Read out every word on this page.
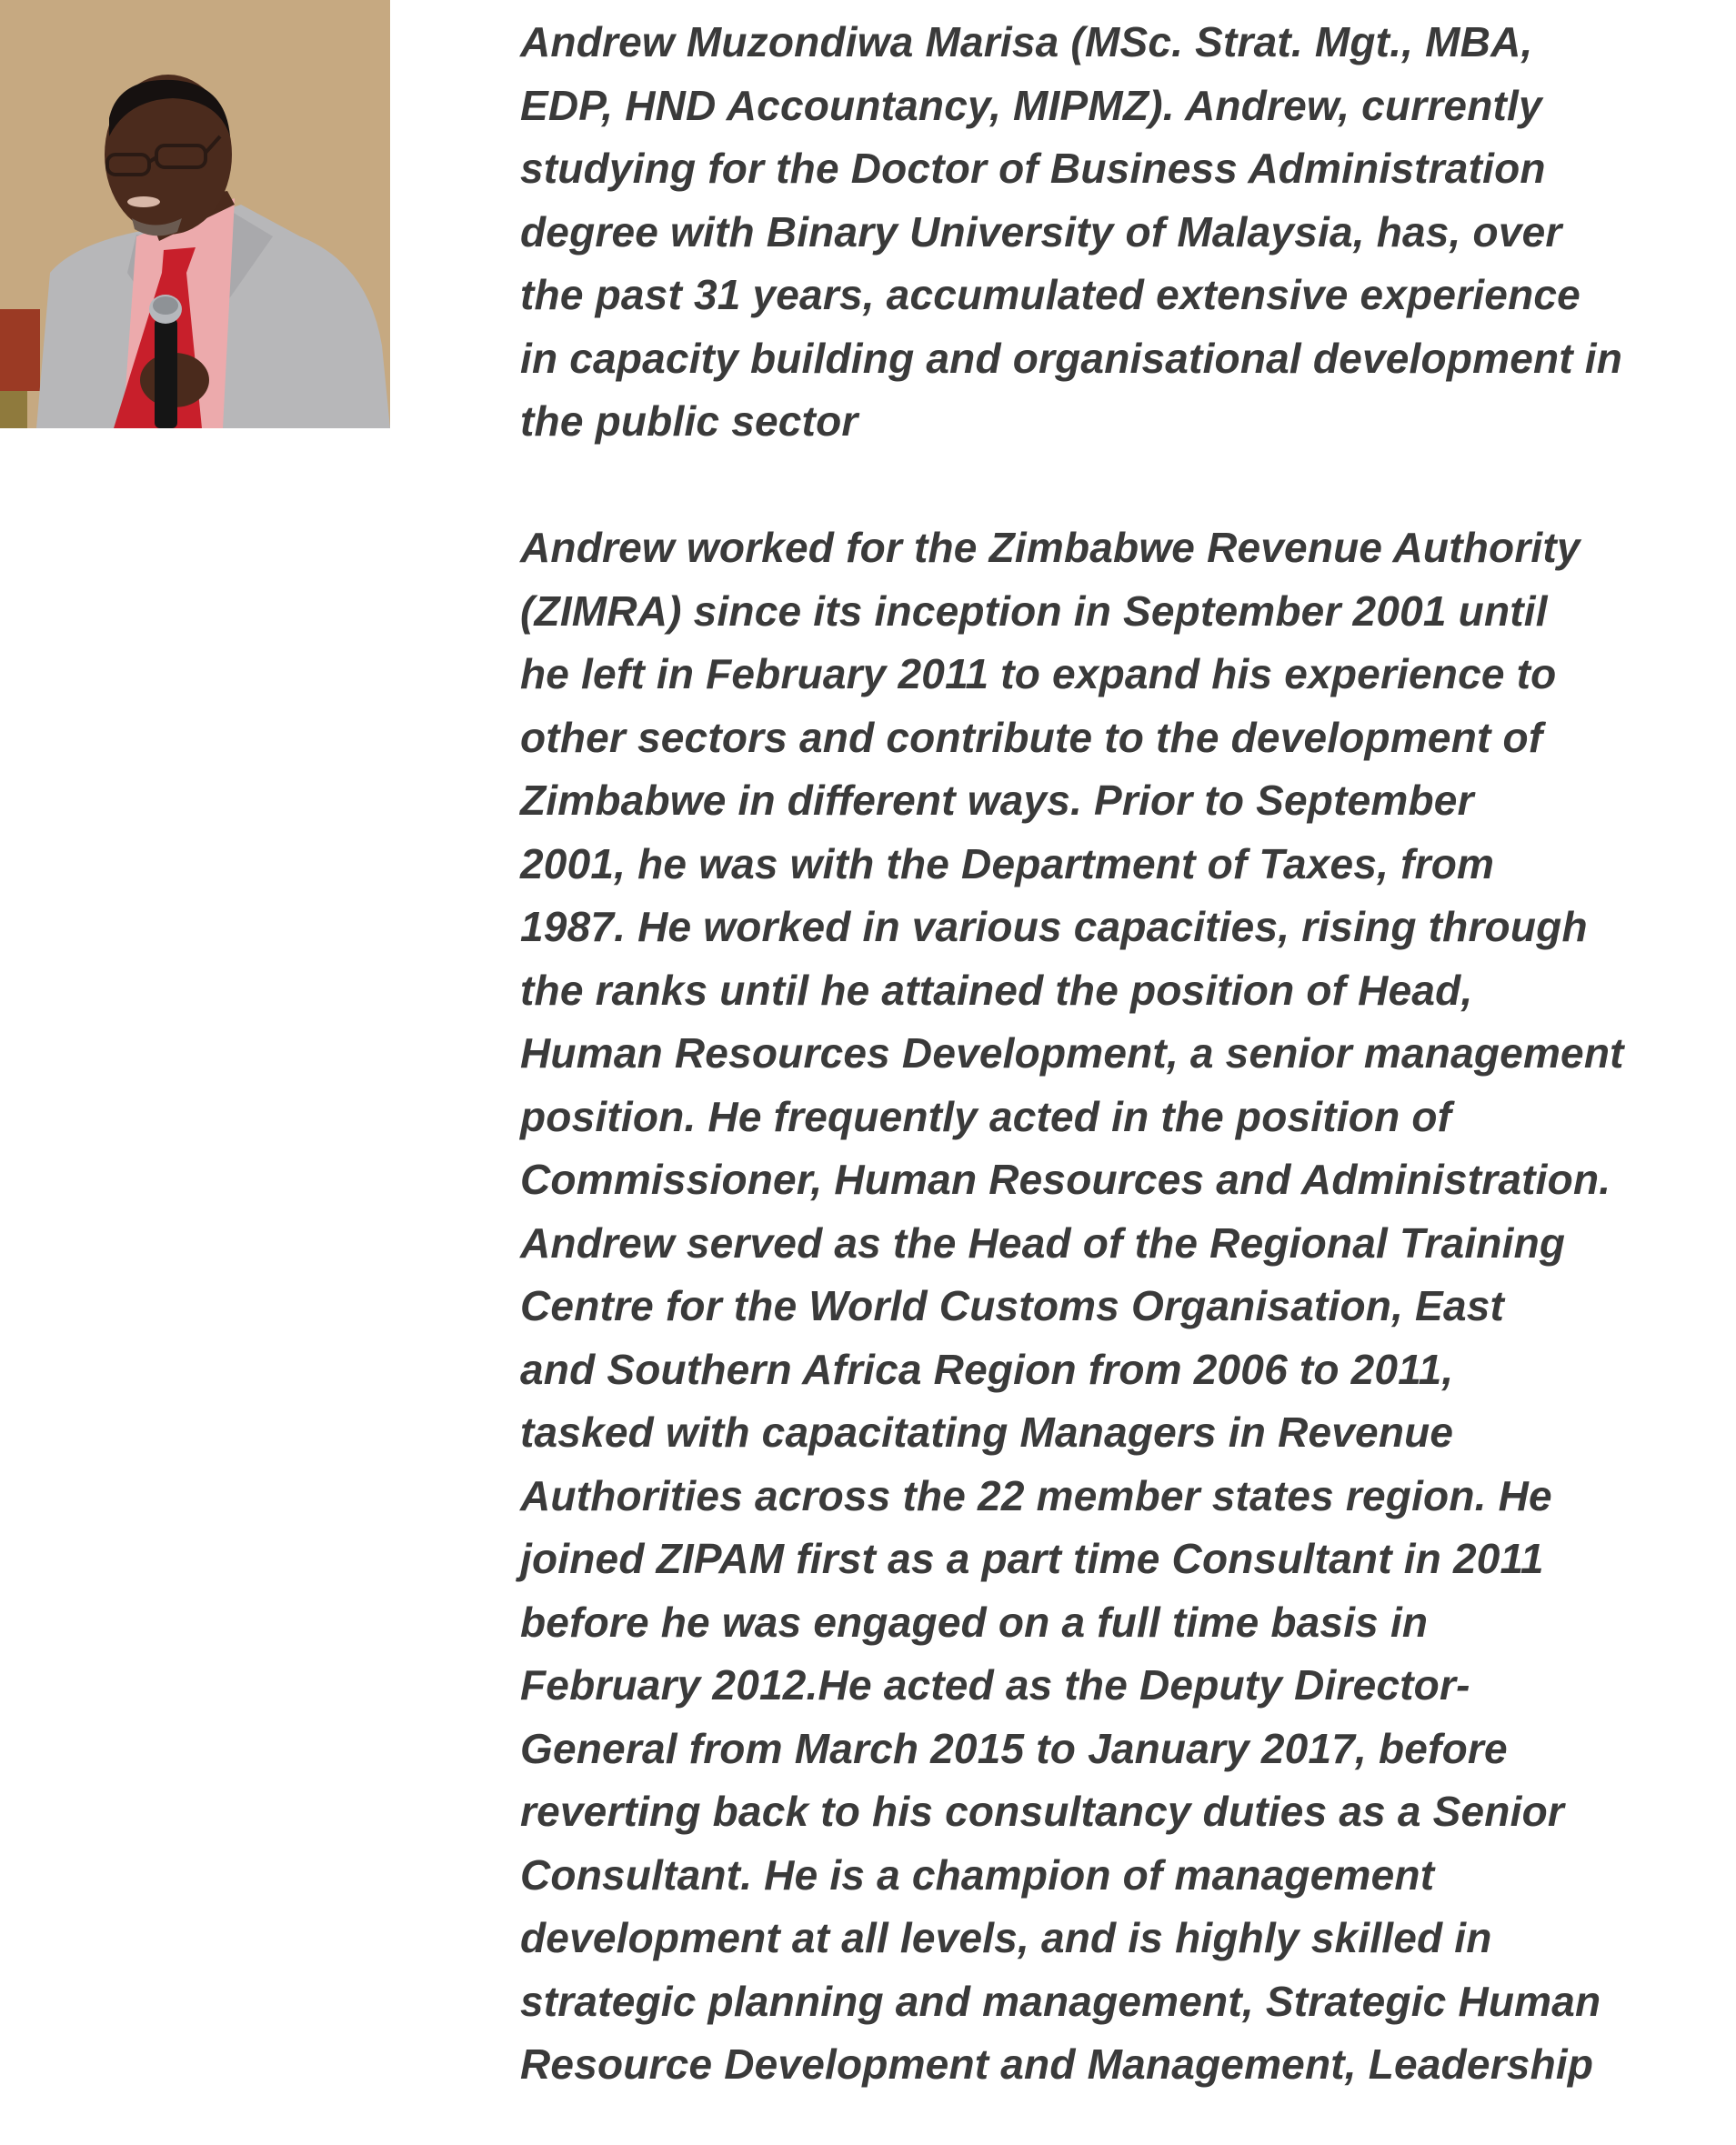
Andrew Muzondiwa Marisa (MSc. Strat. Mgt., MBA,
EDP, HND Accountancy, MIPMZ). Andrew, currently
studying for the Doctor of Business Administration
degree with Binary University of Malaysia, has, over
the past 31 years, accumulated extensive experience
in capacity building and organisational development in
the public sector
Andrew worked for the Zimbabwe Revenue Authority
(ZIMRA) since its inception in September 2001 until
he left in February 2011 to expand his experience to
other sectors and contribute to the development of
Zimbabwe in different ways. Prior to September
2001, he was with the Department of Taxes, from
1987. He worked in various capacities, rising through
the ranks until he attained the position of Head,
Human Resources Development, a senior management
position. He frequently acted in the position of
Commissioner, Human Resources and Administration.
Andrew served as the Head of the Regional Training
Centre for the World Customs Organisation, East
and Southern Africa Region from 2006 to 2011,
tasked with capacitating Managers in Revenue
Authorities across the 22 member states region. He
joined ZIPAM first as a part time Consultant in 2011
before he was engaged on a full time basis in
February 2012.He acted as the Deputy Director-
General from March 2015 to January 2017, before
reverting back to his consultancy duties as a Senior
Consultant. He is a champion of management
development at all levels, and is highly skilled in
strategic planning and management, Strategic Human
Resource Development and Management, Leadership
